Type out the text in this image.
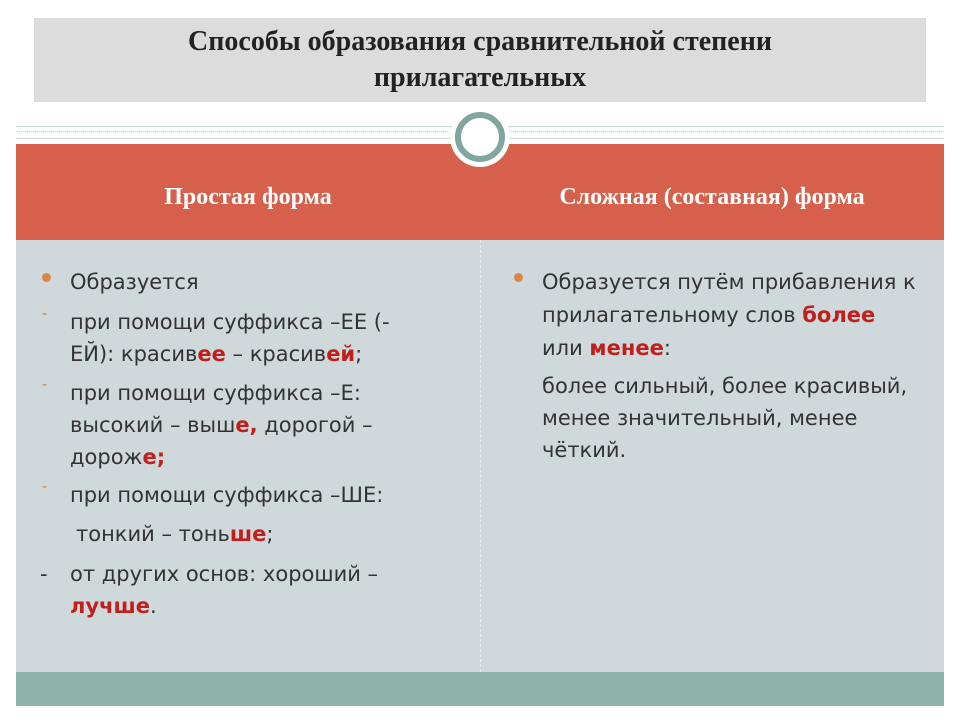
Способы образования сравнительной степени
прилагательных
Простая форма	Сложная (составная) форма
Образуется
- при помощи суффикса –ЕЕ (-
ЕЙ): красивее – красивей;
- при помощи суффикса –Е:
высокий – выше, дорогой –
дороже;
- при помощи суффикса –ШЕ:
тонкий – тоньше;
- от других основ: хороший –
лучше.
Образуется путём прибавления к
прилагательному слов более
или менее:
более сильный, более красивый,
менее значительный, менее
чёткий.
